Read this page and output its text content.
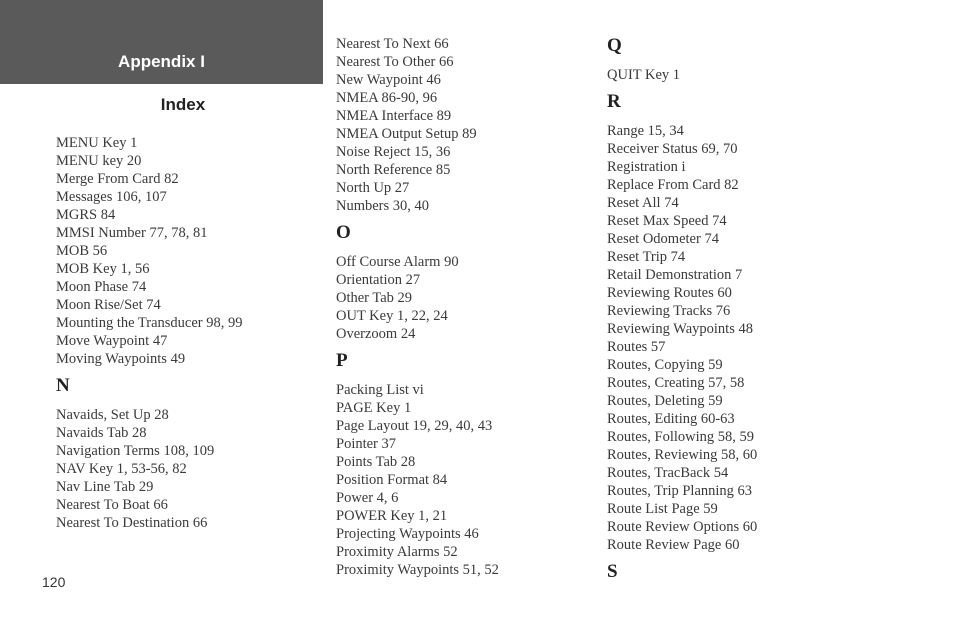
Appendix I
Index
MENU Key 1
MENU key 20
Merge From Card 82
Messages 106, 107
MGRS 84
MMSI Number 77, 78, 81
MOB 56
MOB Key 1, 56
Moon Phase 74
Moon Rise/Set 74
Mounting the Transducer 98, 99
Move Waypoint 47
Moving Waypoints 49
N
Navaids, Set Up 28
Navaids Tab 28
Navigation Terms 108, 109
NAV Key 1, 53-56, 82
Nav Line Tab 29
Nearest To Boat 66
Nearest To Destination 66
Nearest To Next 66
Nearest To Other 66
New Waypoint 46
NMEA 86-90, 96
NMEA Interface 89
NMEA Output Setup 89
Noise Reject 15, 36
North Reference 85
North Up 27
Numbers 30, 40
O
Off Course Alarm 90
Orientation 27
Other Tab 29
OUT Key 1, 22, 24
Overzoom 24
P
Packing List vi
PAGE Key 1
Page Layout 19, 29, 40, 43
Pointer 37
Points Tab 28
Position Format 84
Power 4, 6
POWER Key 1, 21
Projecting Waypoints 46
Proximity Alarms 52
Proximity Waypoints 51, 52
Q
QUIT Key 1
R
Range 15, 34
Receiver Status 69, 70
Registration i
Replace From Card 82
Reset All 74
Reset Max Speed 74
Reset Odometer 74
Reset Trip 74
Retail Demonstration 7
Reviewing Routes 60
Reviewing Tracks 76
Reviewing Waypoints 48
Routes 57
Routes, Copying 59
Routes, Creating 57, 58
Routes, Deleting 59
Routes, Editing 60-63
Routes, Following 58, 59
Routes, Reviewing 58, 60
Routes, TracBack 54
Routes, Trip Planning 63
Route List Page 59
Route Review Options 60
Route Review Page 60
S
120
